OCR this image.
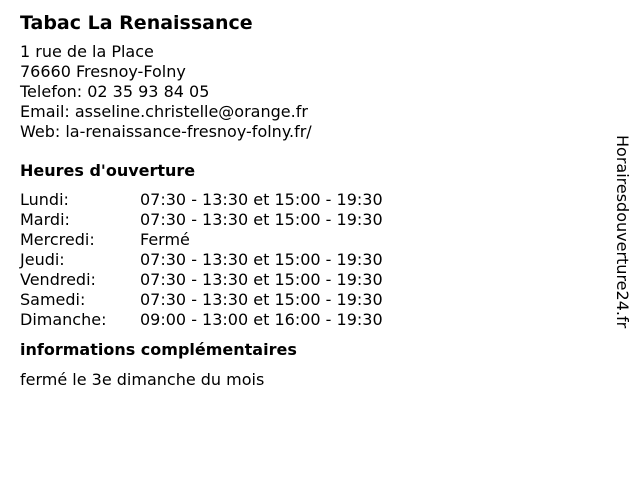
Tabac La Renaissance
1 rue de la Place
76660 Fresnoy-Folny
Telefon: 02 35 93 84 05
Email: asseline.christelle@orange.fr
Web: la-renaissance-fresnoy-folny.fr/
Heures d'ouverture
Lundi:	07:30 - 13:30 et 15:00 - 19:30
Mardi:	07:30 - 13:30 et 15:00 - 19:30
Mercredi:	Fermé
Jeudi:	07:30 - 13:30 et 15:00 - 19:30
Vendredi:	07:30 - 13:30 et 15:00 - 19:30
Samedi:	07:30 - 13:30 et 15:00 - 19:30
Dimanche:	09:00 - 13:00 et 16:00 - 19:30
informations complémentaires
fermé le 3e dimanche du mois
Horairesdouverture24.fr
